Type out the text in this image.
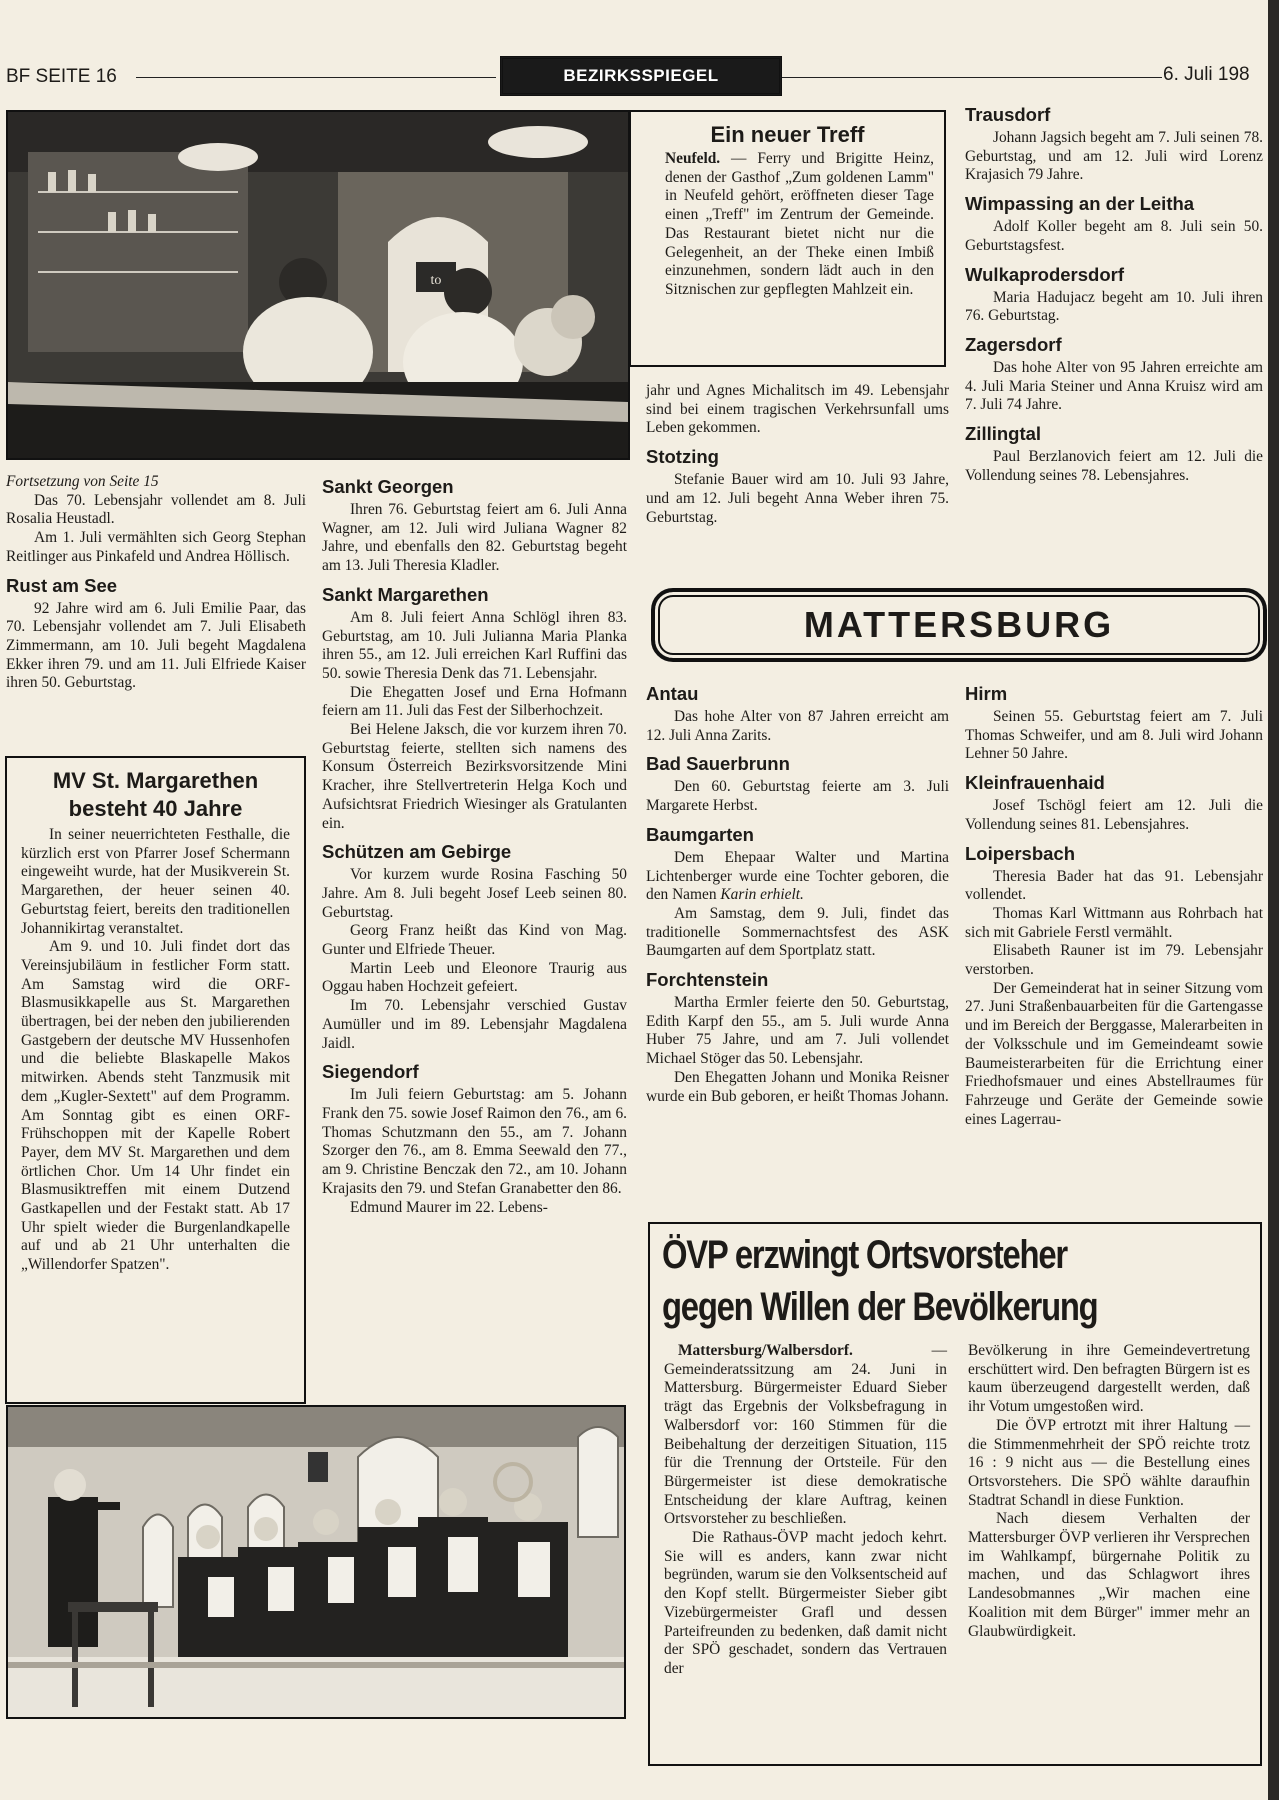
BF SEITE 16	BEZIRKSSPIEGEL	6. Juli 198
to

Fortsetzung von Seite 15

Das 70. Lebensjahr vollendet am 8. Juli Rosalia Heustadl.

Am 1. Juli vermählten sich Georg Stephan Reitlinger aus Pinkafeld und Andrea Höllisch.

Rust am See

92 Jahre wird am 6. Juli Emilie Paar, das 70. Lebensjahr vollendet am 7. Juli Elisabeth Zimmermann, am 10. Juli begeht Magdalena Ekker ihren 79. und am 11. Juli Elfriede Kaiser ihren 50. Geburtstag.

MV St. Margarethen
besteht 40 Jahre

In seiner neuerrichteten Festhalle, die kürzlich erst von Pfarrer Josef Schermann eingeweiht wurde, hat der Musikverein St. Margarethen, der heuer seinen 40. Geburtstag feiert, bereits den traditionellen Johannikirtag veranstaltet.

Am 9. und 10. Juli findet dort das Vereinsjubiläum in festlicher Form statt. Am Samstag wird die ORF-Blasmusikkapelle aus St. Margarethen übertragen, bei der neben den jubilierenden Gastgebern der deutsche MV Hussenhofen und die beliebte Blaskapelle Makos mitwirken. Abends steht Tanzmusik mit dem „Kugler-Sextett" auf dem Programm. Am Sonntag gibt es einen ORF-Frühschoppen mit der Kapelle Robert Payer, dem MV St. Margarethen und dem örtlichen Chor. Um 14 Uhr findet ein Blasmusiktreffen mit einem Dutzend Gastkapellen und der Festakt statt. Ab 17 Uhr spielt wieder die Burgenlandkapelle auf und ab 21 Uhr unterhalten die „Willendorfer Spatzen".

Sankt Georgen

Ihren 76. Geburtstag feiert am 6. Juli Anna Wagner, am 12. Juli wird Juliana Wagner 82 Jahre, und ebenfalls den 82. Geburtstag begeht am 13. Juli Theresia Kladler.

Sankt Margarethen

Am 8. Juli feiert Anna Schlögl ihren 83. Geburtstag, am 10. Juli Julianna Maria Planka ihren 55., am 12. Juli erreichen Karl Ruffini das 50. sowie Theresia Denk das 71. Lebensjahr.

Die Ehegatten Josef und Erna Hofmann feiern am 11. Juli das Fest der Silberhochzeit.

Bei Helene Jaksch, die vor kurzem ihren 70. Geburtstag feierte, stellten sich namens des Konsum Österreich Bezirksvorsitzende Mini Kracher, ihre Stellvertreterin Helga Koch und Aufsichtsrat Friedrich Wiesinger als Gratulanten ein.

Schützen am Gebirge

Vor kurzem wurde Rosina Fasching 50 Jahre. Am 8. Juli begeht Josef Leeb seinen 80. Geburtstag.

Georg Franz heißt das Kind von Mag. Gunter und Elfriede Theuer.

Martin Leeb und Eleonore Traurig aus Oggau haben Hochzeit gefeiert.

Im 70. Lebensjahr verschied Gustav Aumüller und im 89. Lebensjahr Magdalena Jaidl.

Siegendorf

Im Juli feiern Geburtstag: am 5. Johann Frank den 75. sowie Josef Raimon den 76., am 6. Thomas Schutzmann den 55., am 7. Johann Szorger den 76., am 8. Emma Seewald den 77., am 9. Christine Benczak den 72., am 10. Johann Krajasits den 79. und Stefan Granabetter den 86.

Edmund Maurer im 22. Lebens-

Ein neuer Treff

Neufeld. — Ferry und Brigitte Heinz, denen der Gasthof „Zum goldenen Lamm" in Neufeld gehört, eröffneten dieser Tage einen „Treff" im Zentrum der Gemeinde. Das Restaurant bietet nicht nur die Gelegenheit, an der Theke einen Imbiß einzunehmen, sondern lädt auch in den Sitznischen zur gepflegten Mahlzeit ein.

jahr und Agnes Michalitsch im 49. Lebensjahr sind bei einem tragischen Verkehrsunfall ums Leben gekommen.

Stotzing

Stefanie Bauer wird am 10. Juli 93 Jahre, und am 12. Juli begeht Anna Weber ihren 75. Geburtstag.

Trausdorf

Johann Jagsich begeht am 7. Juli seinen 78. Geburtstag, und am 12. Juli wird Lorenz Krajasich 79 Jahre.

Wimpassing an der Leitha

Adolf Koller begeht am 8. Juli sein 50. Geburtstagsfest.

Wulkaprodersdorf

Maria Hadujacz begeht am 10. Juli ihren 76. Geburtstag.

Zagersdorf

Das hohe Alter von 95 Jahren erreichte am 4. Juli Maria Steiner und Anna Kruisz wird am 7. Juli 74 Jahre.

Zillingtal

Paul Berzlanovich feiert am 12. Juli die Vollendung seines 78. Lebensjahres.

MATTERSBURG
Antau

Das hohe Alter von 87 Jahren erreicht am 12. Juli Anna Zarits.

Bad Sauerbrunn

Den 60. Geburtstag feierte am 3. Juli Margarete Herbst.

Baumgarten

Dem Ehepaar Walter und Martina Lichtenberger wurde eine Tochter geboren, die den Namen Karin erhielt.

Am Samstag, dem 9. Juli, findet das traditionelle Sommernachtsfest des ASK Baumgarten auf dem Sportplatz statt.

Forchtenstein

Martha Ermler feierte den 50. Geburtstag, Edith Karpf den 55., am 5. Juli wurde Anna Huber 75 Jahre, und am 7. Juli vollendet Michael Stöger das 50. Lebensjahr.

Den Ehegatten Johann und Monika Reisner wurde ein Bub geboren, er heißt Thomas Johann.

Hirm

Seinen 55. Geburtstag feiert am 7. Juli Thomas Schweifer, und am 8. Juli wird Johann Lehner 50 Jahre.

Kleinfrauenhaid

Josef Tschögl feiert am 12. Juli die Vollendung seines 81. Lebensjahres.

Loipersbach

Theresia Bader hat das 91. Lebensjahr vollendet.

Thomas Karl Wittmann aus Rohrbach hat sich mit Gabriele Ferstl vermählt.

Elisabeth Rauner ist im 79. Lebensjahr verstorben.

Der Gemeinderat hat in seiner Sitzung vom 27. Juni Straßenbauarbeiten für die Gartengasse und im Bereich der Berggasse, Malerarbeiten in der Volksschule und im Gemeindeamt sowie Baumeisterarbeiten für die Errichtung einer Friedhofsmauer und eines Abstellraumes für Fahrzeuge und Geräte der Gemeinde sowie eines Lagerrau-

ÖVP erzwingt Ortsvorsteher
gegen Willen der Bevölkerung

Mattersburg/Walbersdorf.	— Gemeinderatssitzung am 24. Juni in Mattersburg. Bürgermeister Eduard Sieber trägt das Ergebnis der Volksbefragung in Walbersdorf vor: 160 Stimmen für die Beibehaltung der derzeitigen Situation, 115 für die Trennung der Ortsteile. Für den Bürgermeister ist diese demokratische Entscheidung der klare Auftrag, keinen Ortsvorsteher zu beschließen.

Die Rathaus-ÖVP macht jedoch kehrt. Sie will es anders, kann zwar nicht begründen, warum sie den Volksentscheid auf den Kopf stellt. Bürgermeister Sieber gibt Vizebürgermeister Grafl und dessen Parteifreunden zu bedenken, daß damit nicht der SPÖ geschadet, sondern das Vertrauen der

Bevölkerung in ihre Gemeindevertretung erschüttert wird. Den befragten Bürgern ist es kaum überzeugend dargestellt werden, daß ihr Votum umgestoßen wird.

Die ÖVP ertrotzt mit ihrer Haltung — die Stimmenmehrheit der SPÖ reichte trotz 16 : 9 nicht aus — die Bestellung eines Ortsvorstehers. Die SPÖ wählte daraufhin Stadtrat Schandl in diese Funktion.

Nach diesem Verhalten der Mattersburger ÖVP verlieren ihr Versprechen im Wahlkampf, bürgernahe Politik zu machen, und das Schlagwort ihres Landesobmannes „Wir machen eine Koalition mit dem Bürger" immer mehr an Glaubwürdigkeit.
